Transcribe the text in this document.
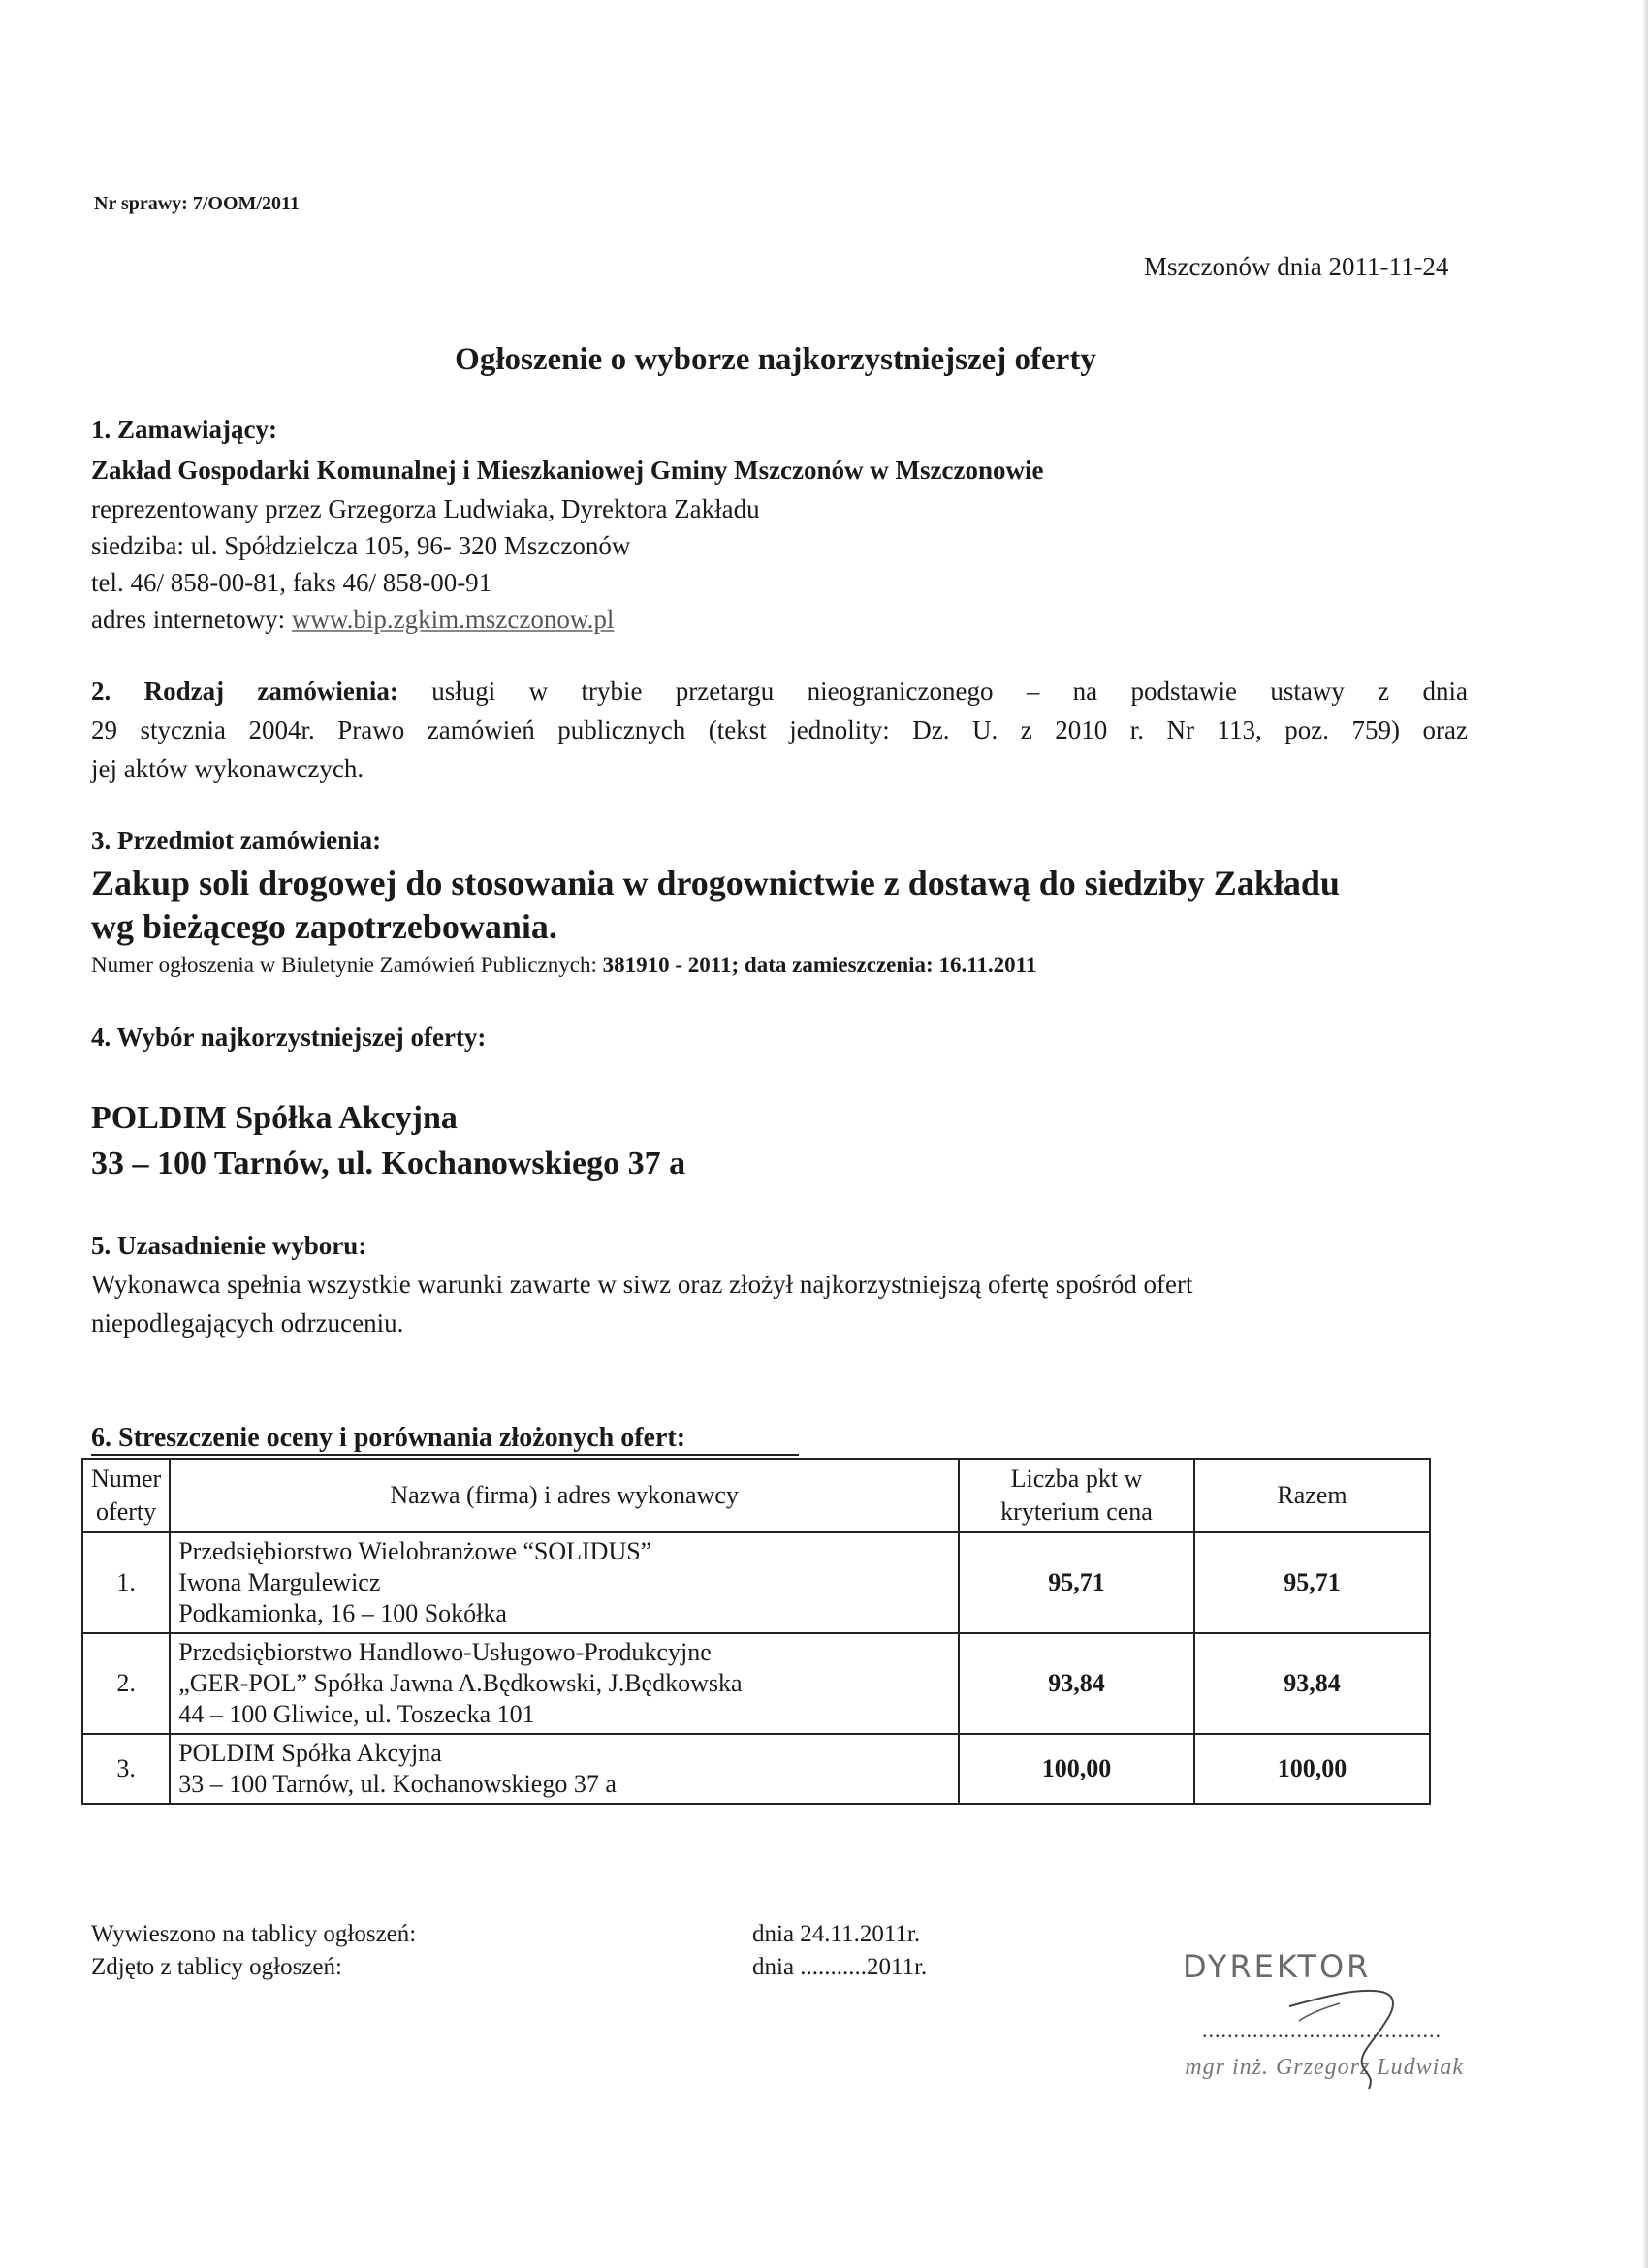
Nr sprawy: 7/OOM/2011
Mszczonów dnia 2011-11-24
Ogłoszenie o wyborze najkorzystniejszej oferty
1. Zamawiający:
Zakład Gospodarki Komunalnej i Mieszkaniowej Gminy Mszczonów w Mszczonowie
reprezentowany przez Grzegorza Ludwiaka, Dyrektora Zakładu
siedziba: ul. Spółdzielcza 105, 96- 320 Mszczonów
tel. 46/ 858-00-81, faks 46/ 858-00-91
adres internetowy: www.bip.zgkim.mszczonow.pl
2. Rodzaj zamówienia: usługi w trybie przetargu nieograniczonego – na podstawie ustawy z dnia
29 stycznia 2004r. Prawo zamówień publicznych (tekst jednolity: Dz. U. z 2010 r. Nr 113, poz. 759) oraz
jej aktów wykonawczych.
3. Przedmiot zamówienia:
Zakup soli drogowej do stosowania w drogownictwie z dostawą do siedziby Zakładu
wg bieżącego zapotrzebowania.
Numer ogłoszenia w Biuletynie Zamówień Publicznych: 381910 - 2011; data zamieszczenia: 16.11.2011
4. Wybór najkorzystniejszej oferty:
POLDIM Spółka Akcyjna
33 – 100 Tarnów, ul. Kochanowskiego 37 a
5. Uzasadnienie wyboru:
Wykonawca spełnia wszystkie warunki zawarte w siwz oraz złożył najkorzystniejszą ofertę spośród ofert
niepodlegających odrzuceniu.
6. Streszczenie oceny i porównania złożonych ofert:
Numer
oferty	Nazwa (firma) i adres wykonawcy	Liczba pkt w
kryterium cena	Razem
1.	Przedsiębiorstwo Wielobranżowe “SOLIDUS”
Iwona Margulewicz
Podkamionka, 16 – 100 Sokółka	95,71	95,71
2.	Przedsiębiorstwo Handlowo-Usługowo-Produkcyjne
„GER-POL” Spółka Jawna A.Będkowski, J.Będkowska
44 – 100 Gliwice, ul. Toszecka 101	93,84	93,84
3.	POLDIM Spółka Akcyjna
33 – 100 Tarnów, ul. Kochanowskiego 37 a	100,00	100,00
Wywieszono na tablicy ogłoszeń:	dnia 24.11.2011r.
Zdjęto z tablicy ogłoszeń:	dnia ...........2011r.	DYREKTOR
......................................
mgr inż. Grzegorz Ludwiak
